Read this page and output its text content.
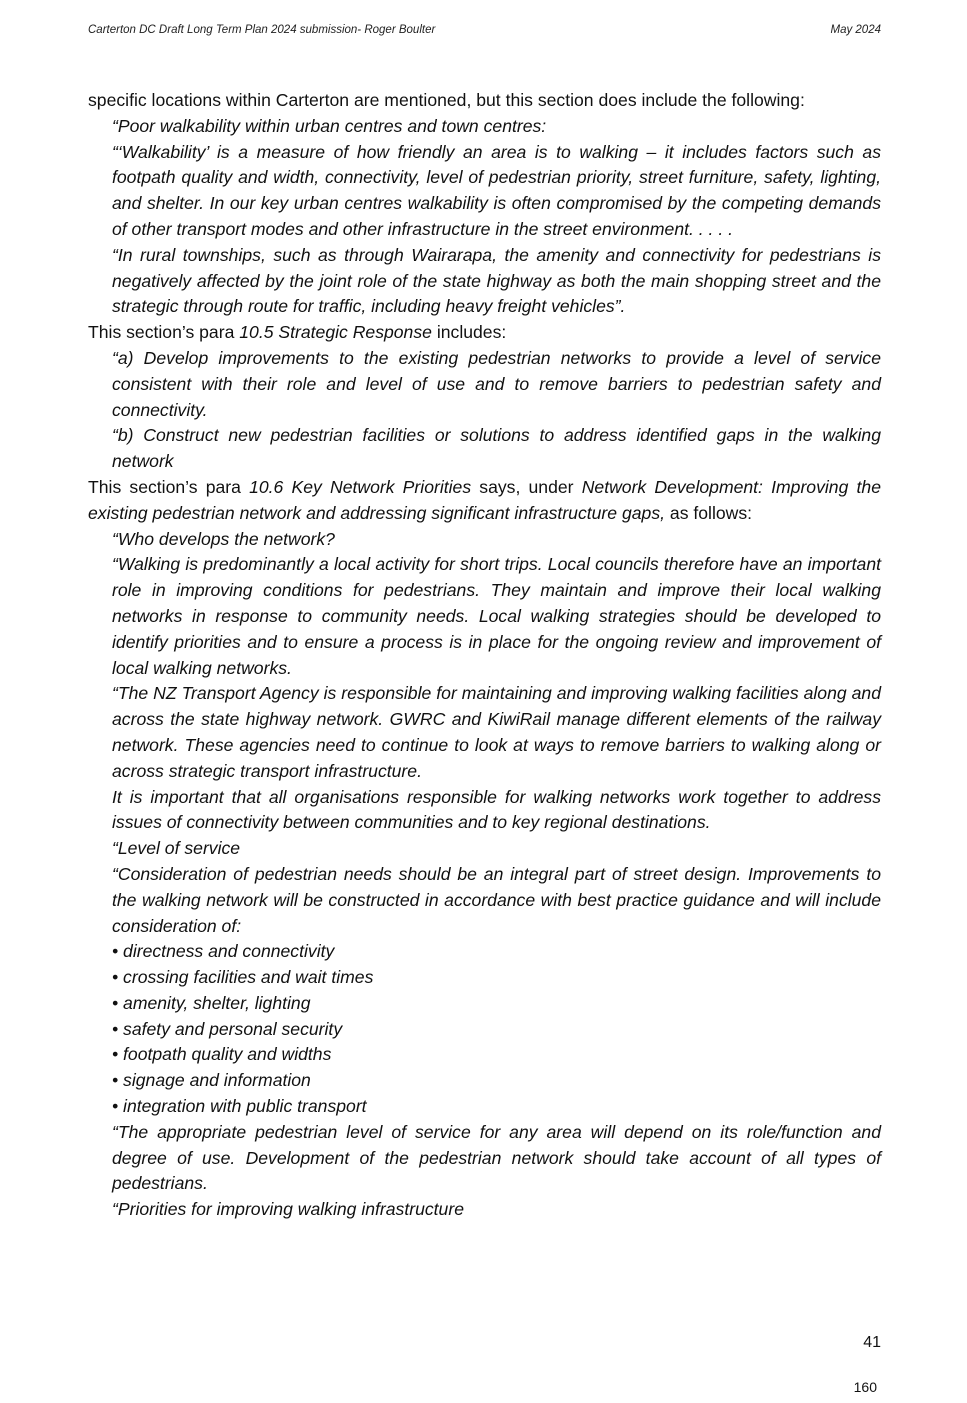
Carterton DC Draft Long Term Plan 2024 submission- Roger Boulter	May 2024

specific locations within Carterton are mentioned, but this section does include the following:

“Poor walkability within urban centres and town centres:

“‘Walkability’ is a measure of how friendly an area is to walking – it includes factors such as footpath quality and width, connectivity, level of pedestrian priority, street furniture, safety, lighting, and shelter. In our key urban centres walkability is often compromised by the competing demands of other transport modes and other infrastructure in the street environment. . . . .

“In rural townships, such as through Wairarapa, the amenity and connectivity for pedestrians is negatively affected by the joint role of the state highway as both the main shopping street and the strategic through route for traffic, including heavy freight vehicles”.

This section’s para 10.5 Strategic Response includes:

“a) Develop improvements to the existing pedestrian networks to provide a level of service consistent with their role and level of use and to remove barriers to pedestrian safety and connectivity.

“b) Construct new pedestrian facilities or solutions to address identified gaps in the walking network

This section’s para 10.6 Key Network Priorities says, under Network Development: Improving the existing pedestrian network and addressing significant infrastructure gaps, as follows:

“Who develops the network?

“Walking is predominantly a local activity for short trips. Local councils therefore have an important role in improving conditions for pedestrians. They maintain and improve their local walking networks in response to community needs. Local walking strategies should be developed to identify priorities and to ensure a process is in place for the ongoing review and improvement of local walking networks.

“The NZ Transport Agency is responsible for maintaining and improving walking facilities along and across the state highway network. GWRC and KiwiRail manage different elements of the railway network. These agencies need to continue to look at ways to remove barriers to walking along or across strategic transport infrastructure.

It is important that all organisations responsible for walking networks work together to address issues of connectivity between communities and to key regional destinations.

“Level of service

“Consideration of pedestrian needs should be an integral part of street design. Improvements to the walking network will be constructed in accordance with best practice guidance and will include consideration of:

• directness and connectivity
• crossing facilities and wait times
• amenity, shelter, lighting
• safety and personal security
• footpath quality and widths
• signage and information
• integration with public transport

“The appropriate pedestrian level of service for any area will depend on its role/function and degree of use. Development of the pedestrian network should take account of all types of pedestrians.

“Priorities for improving walking infrastructure

41
160
